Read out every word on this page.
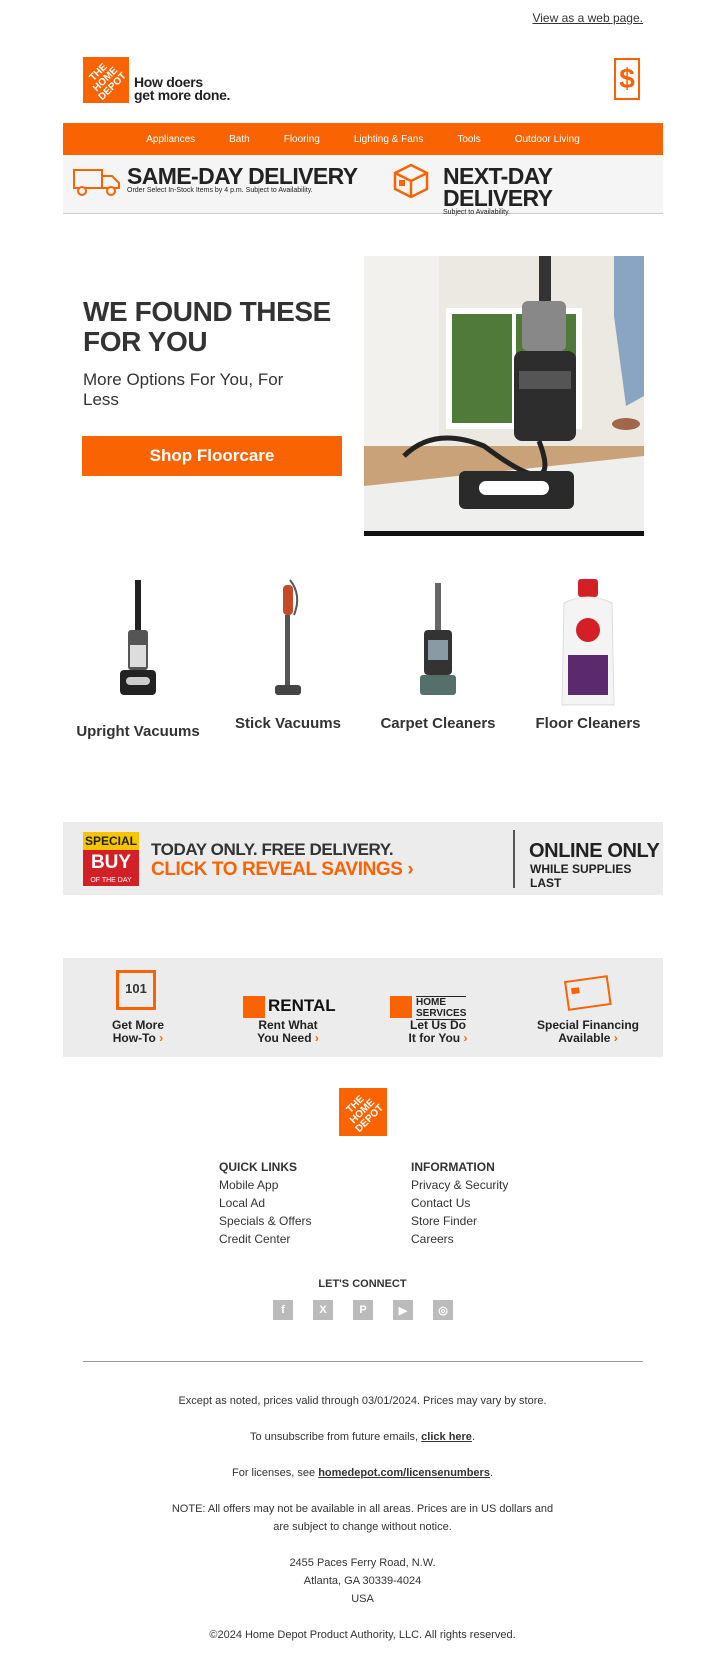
View as a web page.
THE HOME DEPOT How doers
get more done.
$
Appliances	Bath	Flooring	Lighting & Fans	Tools	Outdoor Living
SAME-DAY DELIVERY
Order Select In-Stock Items by 4 p.m. Subject to Availability.
NEXT-DAY DELIVERY
Subject to Availability.
WE FOUND THESE
FOR YOU
More Options For You, For Less
Shop Floorcare
Upright Vacuums	Stick Vacuums	Carpet Cleaners	Floor Cleaners
SPECIAL
BUY
OF THE DAY
TODAY ONLY. FREE DELIVERY.
CLICK TO REVEAL SAVINGS ›
ONLINE ONLY
WHILE SUPPLIES LAST
101
Get More
How-To ›
RENTAL
Rent What
You Need ›
HOME
SERVICES
Let Us Do
It for You ›
Special Financing
Available ›
THE HOME DEPOT
QUICK LINKS
Mobile App
Local Ad
Specials & Offers
Credit Center
INFORMATION
Privacy & Security
Contact Us
Store Finder
Careers
LET'S CONNECT
f	X	P	▶	◎
Except as noted, prices valid through 03/01/2024. Prices may vary by store.
To unsubscribe from future emails, click here.
For licenses, see homedepot.com/licensenumbers.
NOTE: All offers may not be available in all areas. Prices are in US dollars and
are subject to change without notice.
2455 Paces Ferry Road, N.W.
Atlanta, GA 30339-4024
USA
©2024 Home Depot Product Authority, LLC. All rights reserved.
